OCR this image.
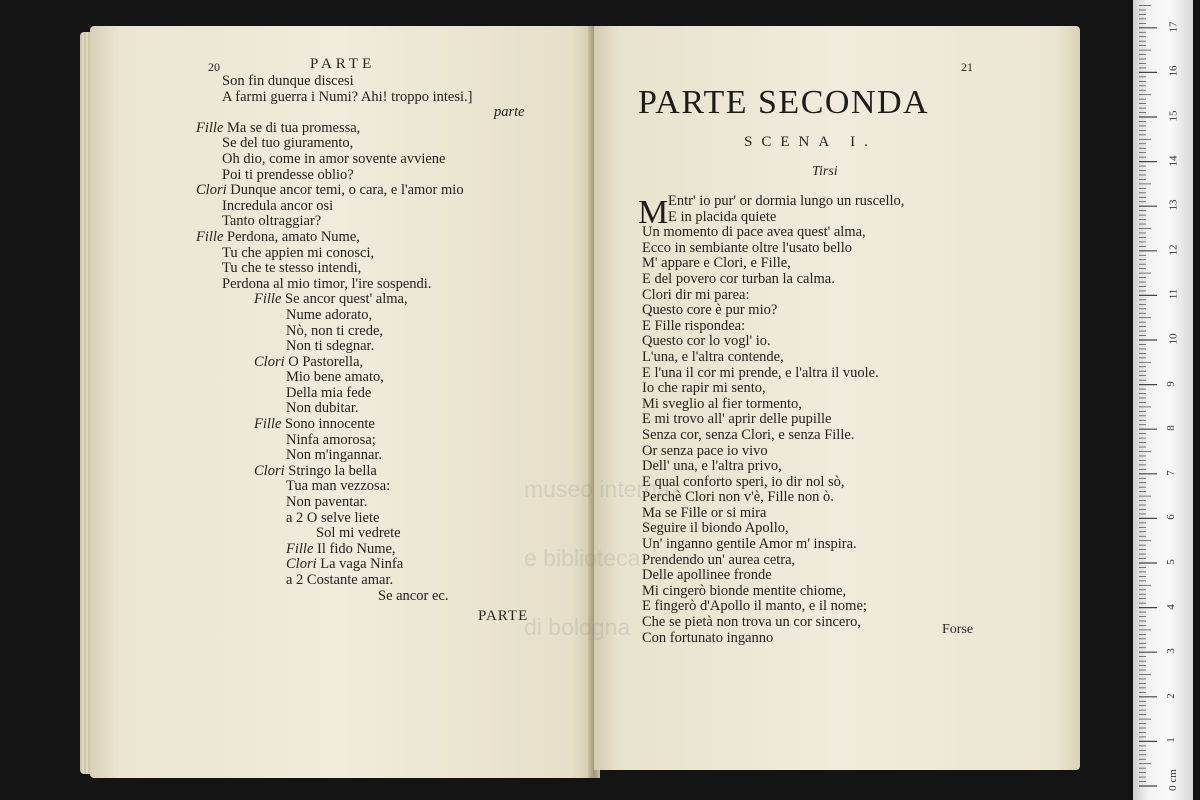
20	PARTE
Son fin dunque discesi
A farmi guerra i Numi? Ahi! troppo intesi.]
parte
Fille Ma se di tua promessa,
Se del tuo giuramento,
Oh dio, come in amor sovente avviene
Poi ti prendesse oblio?
Clori Dunque ancor temi, o cara, e l'amor mio
Incredula ancor osi
Tanto oltraggiar?
Fille Perdona, amato Nume,
Tu che appien mi conosci,
Tu che te stesso intendi,
Perdona al mio timor, l'ire sospendi.
Fille Se ancor quest' alma,
Nume adorato,
Nò, non ti crede,
Non ti sdegnar.
Clori O Pastorella,
Mio bene amato,
Della mia fede
Non dubitar.
Fille Sono innocente
Ninfa amorosa;
Non m'ingannar.
Clori Stringo la bella
Tua man vezzosa:
Non paventar.
a 2 O selve liete
Sol mi vedrete
Fille Il fido Nume,
Clori La vaga Ninfa
a 2 Costante amar.
Se ancor ec.
PARTE
21
PARTE SECONDA
SCENA I.
Tirsi
M Entr' io pur' or dormia lungo un ruscello,
E in placida quiete
Un momento di pace avea quest' alma,
Ecco in sembiante oltre l'usato bello
M' appare e Clori, e Fille,
E del povero cor turban la calma.
Clori dir mi parea:
Questo core è pur mio?
E Fille rispondea:
Questo cor lo vogl' io.
L'una, e l'altra contende,
E l'una il cor mi prende, e l'altra il vuole.
Io che rapir mi sento,
Mi sveglio al fier tormento,
E mi trovo all' aprir delle pupille
Senza cor, senza Clori, e senza Fille.
Or senza pace io vivo
Dell' una, e l'altra privo,
E qual conforto speri, io dir nol sò,
Perchè Clori non v'è, Fille non ò.
Ma se Fille or si mira
Seguire il biondo Apollo,
Un' inganno gentile Amor m' inspira.
Prendendo un' aurea cetra,
Delle apollinee fronde
Mi cingerò bionde mentite chiome,
E fingerò d'Apollo il manto, e il nome;
Che se pietà non trova un cor sincero,
Con fortunato inganno
Forse

museo internaz

e biblioteca

di bologna

0 cm
1
2
3
4
5
6
7
8
9
10
11
12
13
14
15
16
17
